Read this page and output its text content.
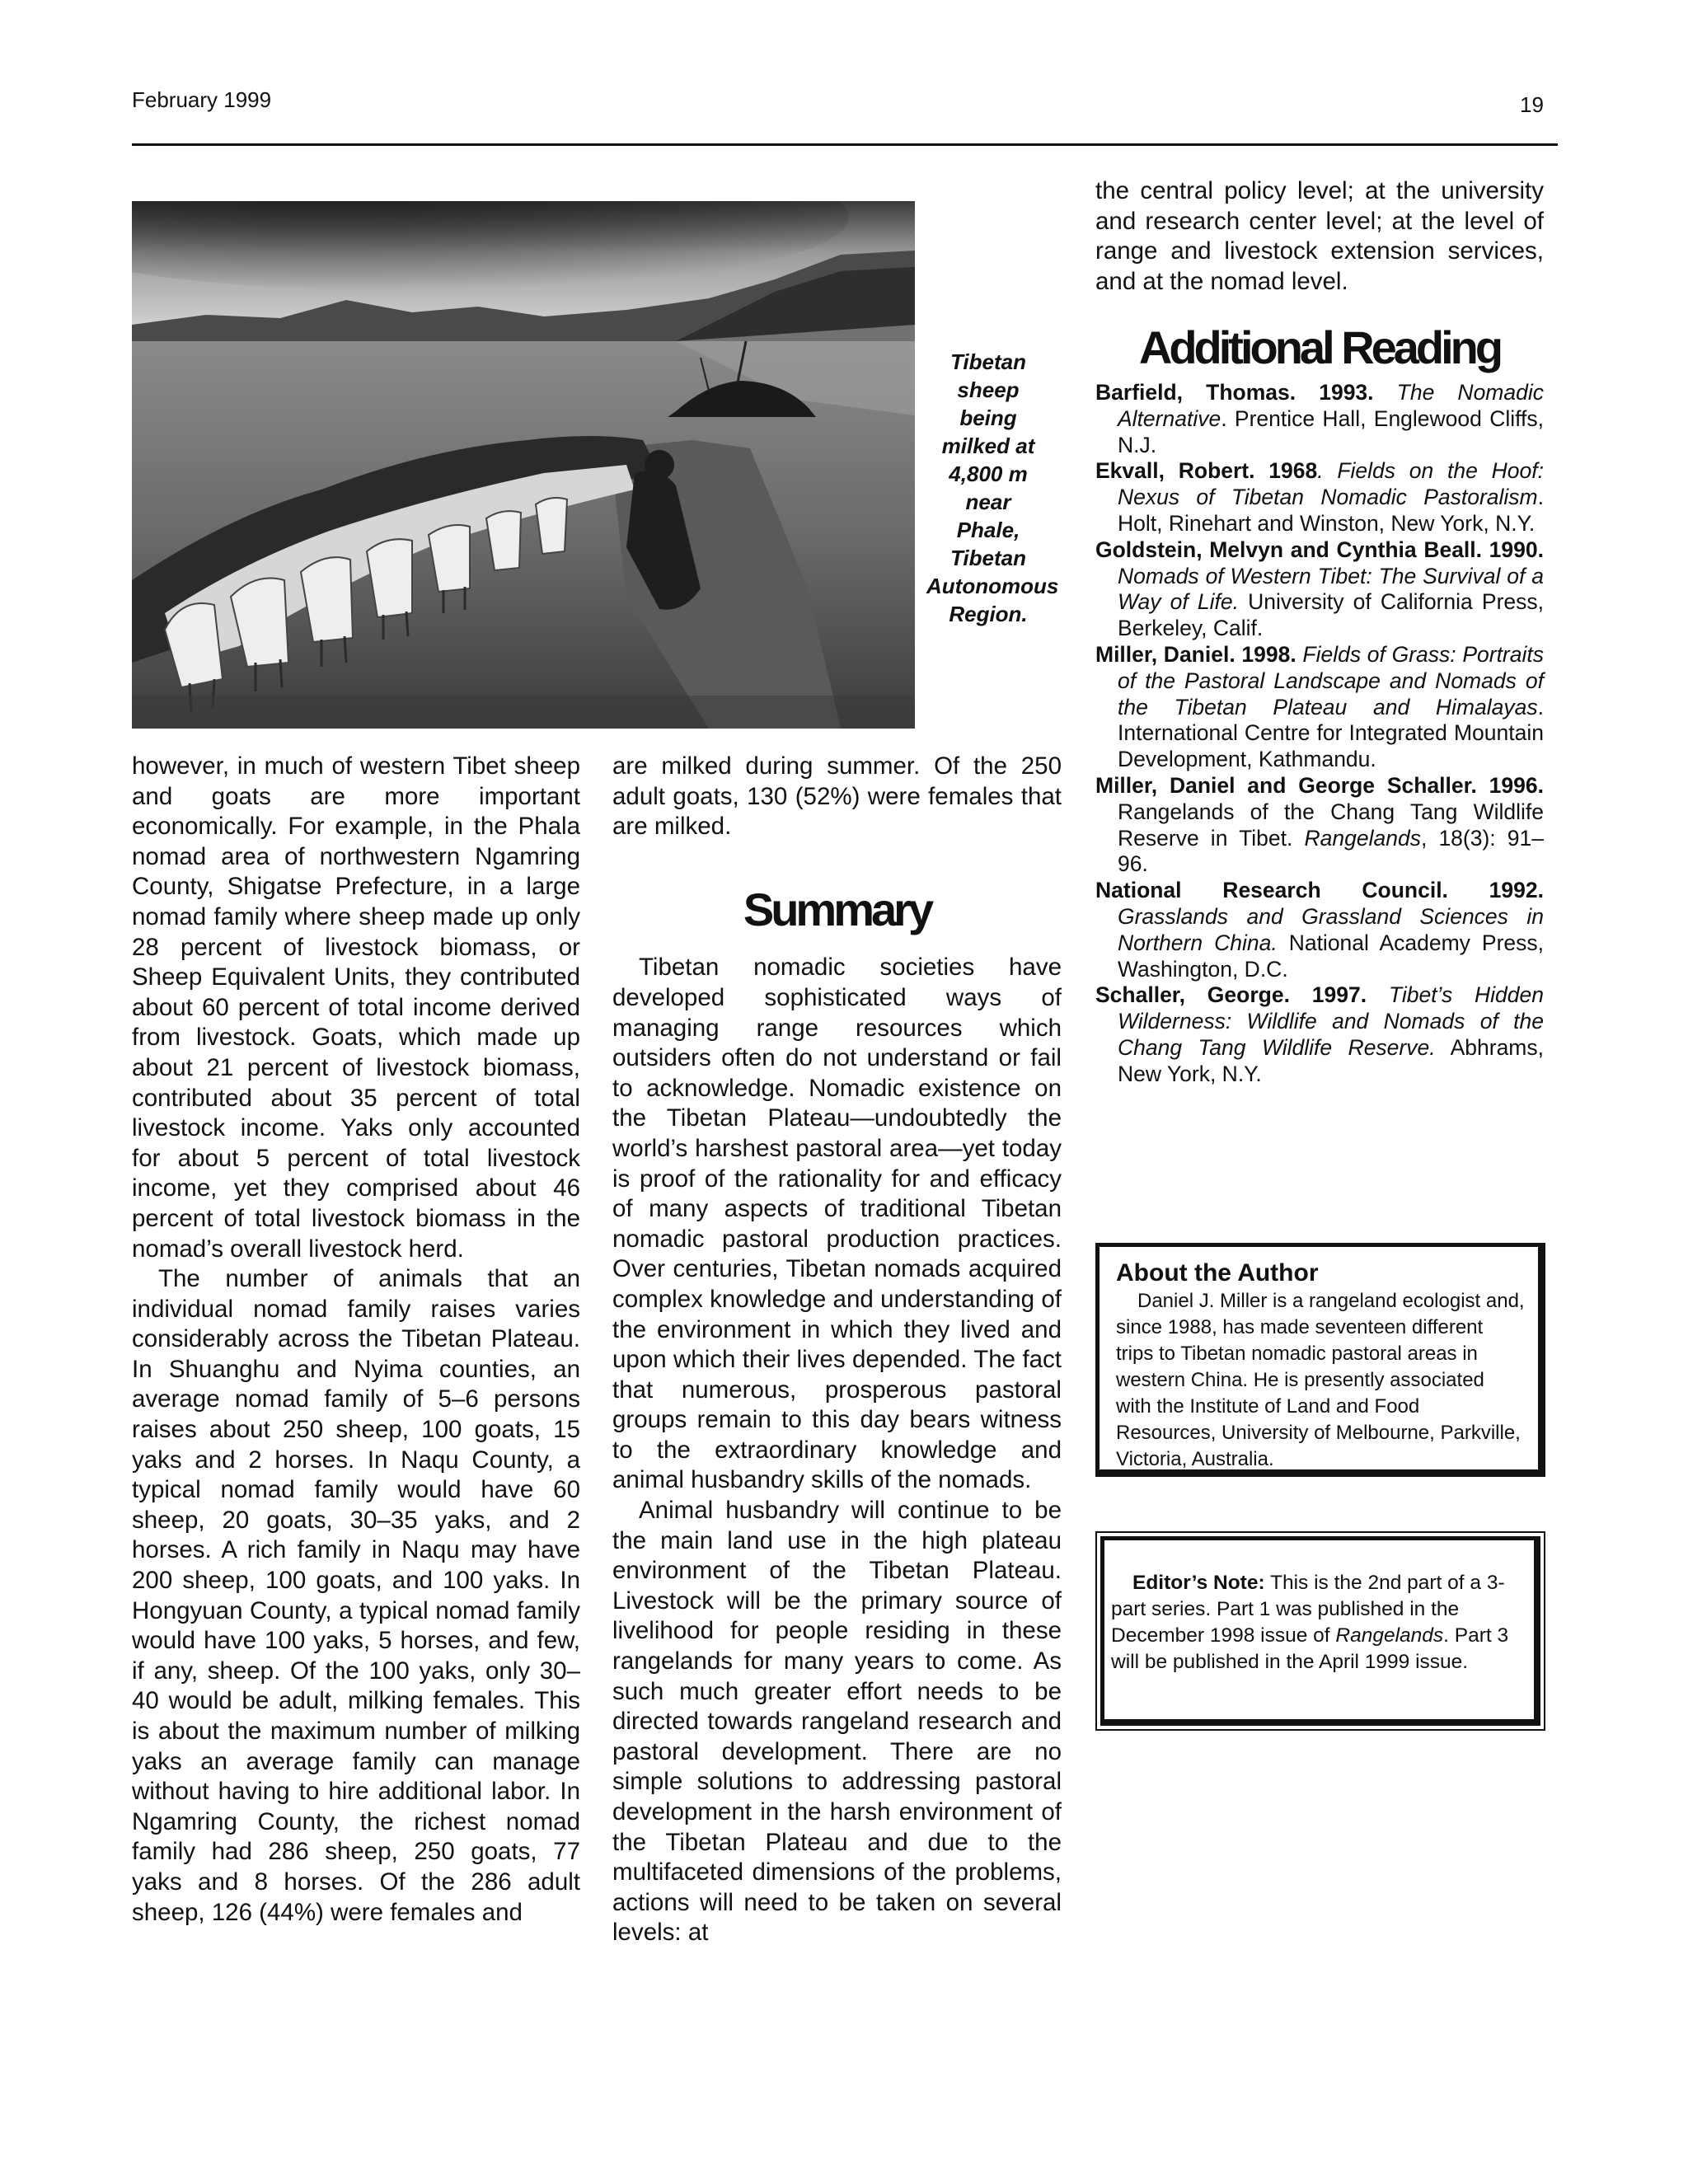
February 1999	19
Tibetan
sheep being
milked at
4,800 m near
Phale,
Tibetan
Autonomous
Region.

however, in much of western Tibet sheep and goats are more important economically. For example, in the Phala nomad area of northwestern Ngamring County, Shigatse Prefecture, in a large nomad family where sheep made up only 28 percent of livestock biomass, or Sheep Equivalent Units, they contributed about 60 percent of total income derived from livestock. Goats, which made up about 21 percent of livestock biomass, contributed about 35 percent of total livestock income. Yaks only accounted for about 5 percent of total livestock income, yet they comprised about 46 percent of total livestock biomass in the nomad’s overall livestock herd.

The number of animals that an individual nomad family raises varies considerably across the Tibetan Plateau. In Shuanghu and Nyima counties, an average nomad family of 5–6 persons raises about 250 sheep, 100 goats, 15 yaks and 2 horses. In Naqu County, a typical nomad family would have 60 sheep, 20 goats, 30–35 yaks, and 2 horses. A rich family in Naqu may have 200 sheep, 100 goats, and 100 yaks. In Hongyuan County, a typical nomad family would have 100 yaks, 5 horses, and few, if any, sheep. Of the 100 yaks, only 30–40 would be adult, milking females. This is about the maximum number of milking yaks an average family can manage without having to hire additional labor. In Ngamring County, the richest nomad family had 286 sheep, 250 goats, 77 yaks and 8 horses. Of the 286 adult sheep, 126 (44%) were females and

are milked during summer. Of the 250 adult goats, 130 (52%) were females that are milked.

Summary

Tibetan nomadic societies have developed sophisticated ways of managing range resources which outsiders often do not understand or fail to acknowledge. Nomadic existence on the Tibetan Plateau—undoubtedly the world’s harshest pastoral area—yet today is proof of the rationality for and efficacy of many aspects of traditional Tibetan nomadic pastoral production practices. Over centuries, Tibetan nomads acquired complex knowledge and understanding of the environment in which they lived and upon which their lives depended. The fact that numerous, prosperous pastoral groups remain to this day bears witness to the extraordinary knowledge and animal husbandry skills of the nomads.

Animal husbandry will continue to be the main land use in the high plateau environment of the Tibetan Plateau. Livestock will be the primary source of livelihood for people residing in these rangelands for many years to come. As such much greater effort needs to be directed towards rangeland research and pastoral development. There are no simple solutions to addressing pastoral development in the harsh environment of the Tibetan Plateau and due to the multifaceted dimensions of the problems, actions will need to be taken on several levels: at

the central policy level; at the university and research center level; at the level of range and livestock extension services, and at the nomad level.

Additional Reading

Barfield, Thomas. 1993. The Nomadic Alternative. Prentice Hall, Englewood Cliffs, N.J.

Ekvall, Robert. 1968. Fields on the Hoof: Nexus of Tibetan Nomadic Pastoralism. Holt, Rinehart and Winston, New York, N.Y.

Goldstein, Melvyn and Cynthia Beall. 1990. Nomads of Western Tibet: The Survival of a Way of Life. University of California Press, Berkeley, Calif.

Miller, Daniel. 1998. Fields of Grass: Portraits of the Pastoral Landscape and Nomads of the Tibetan Plateau and Himalayas. International Centre for Integrated Mountain Development, Kathmandu.

Miller, Daniel and George Schaller. 1996. Rangelands of the Chang Tang Wildlife Reserve in Tibet. Rangelands, 18(3): 91–96.

National Research Council. 1992. Grasslands and Grassland Sciences in Northern China. National Academy Press, Washington, D.C.

Schaller, George. 1997. Tibet’s Hidden Wilderness: Wildlife and Nomads of the Chang Tang Wildlife Reserve. Abhrams, New York, N.Y.

About the Author
Daniel J. Miller is a rangeland ecologist and, since 1988, has made seventeen different trips to Tibetan nomadic pastoral areas in western China. He is presently associated with the Institute of Land and Food Resources, University of Melbourne, Parkville, Victoria, Australia.
Editor’s Note: This is the 2nd part of a 3-part series. Part 1 was published in the December 1998 issue of Rangelands. Part 3 will be published in the April 1999 issue.
